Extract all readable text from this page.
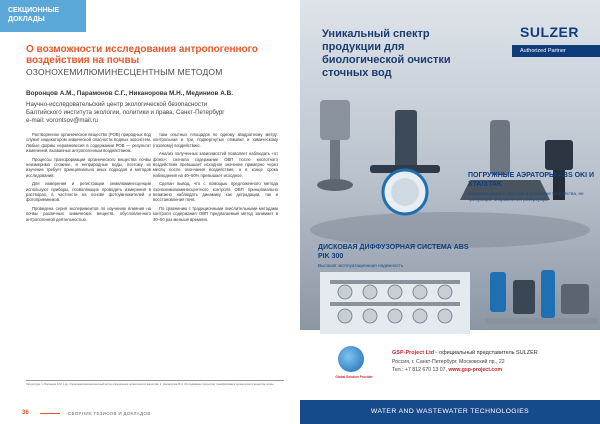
СЕКЦИОННЫЕ ДОКЛАДЫ
О возможности исследования антропогенного воздействия на почвы
ОЗОНОХЕМИЛЮМИНЕСЦЕНТНЫМ МЕТОДОМ
Воронцов А.М., Парамонов С.Г., Никанорова М.Н., Мединиов А.В.
Научно-исследовательский центр экологической безопасности
Балтийского института экологии, политики и права, Санкт-Петербург
e-mail: vorontsov@mail.ru

Растворенное органическое вещество (РОВ) природных вод служит индикатором химической опасности водных экосистем. Любые формы неравновесия в содержании РОВ — результат изменений, вызванных антропогенным воздействием.

Процессы трансформации органического вещества почвы неизмеримо сложнее, и неприродные воды, поэтому их изучение требует принципиально иных подходов и методов исследования.

Для измерения и регистрации хемилюминесценции используют приборы, позволяющие проводить измерения в растворах, в частности на основе фотоумножителей и фотоприемников.

Проведена серия экспериментов по изучению влияния на почвы различных химических веществ, обусловленного антропогенной деятельностью.

таки опытных площадок по одному квадратному метру: контрольная и три, подвергнутых отмывке и химическому (газовому) воздействию.

Анализ полученных зависимостей позволяет наблюдать «от фона»: сначала содержание ОВП после кислотного воздействия превышает исходное значение примерно через месяц после окончания воздействия, а в конце срока наблюдения на 40–50% превышает исходное.

Сделан вывод, что с помощью предложенного метода озонохемилюминесцентного контроля ОВП принципиально возможно наблюдать динамику как деградации, так и восстановления почв.

По сравнению с традиционными окислительными методами контроля содержания ОВП предлагаемый метод занимает в 30–50 раз меньше времени.

Литература: 1. Воронцов А.М. и др. Озонохемилюминесцентный метод определения органического вещества. 2. Никанорова М.Н. Исследование процессов трансформации органического вещества почвы.
36	СБОРНИК ТЕЗИСОВ И ДОКЛАДОВ
Уникальный спектр продукции для биологической очистки сточных вод
SULZER
Authorized Partner
ПОГРУЖНЫЕ АЭРАТОРЫ ABS OKI И XTA/XTAK
Неприхотливые и простые в установке устройства, не требующие опорожнения резервуара
ДИСКОВАЯ ДИФФУЗОРНАЯ СИСТЕМА ABS PIK 300
Высокая эксплуатационная надежность
Global Solution Provider
GSP-Project Ltd - официальный представитель SULZER
Россия, г. Санкт-Петербург, Московский пр., 22
Тел.: +7 812 670 13 07, www.gsp-project.com
WATER AND WASTEWATER TECHNOLOGIES
